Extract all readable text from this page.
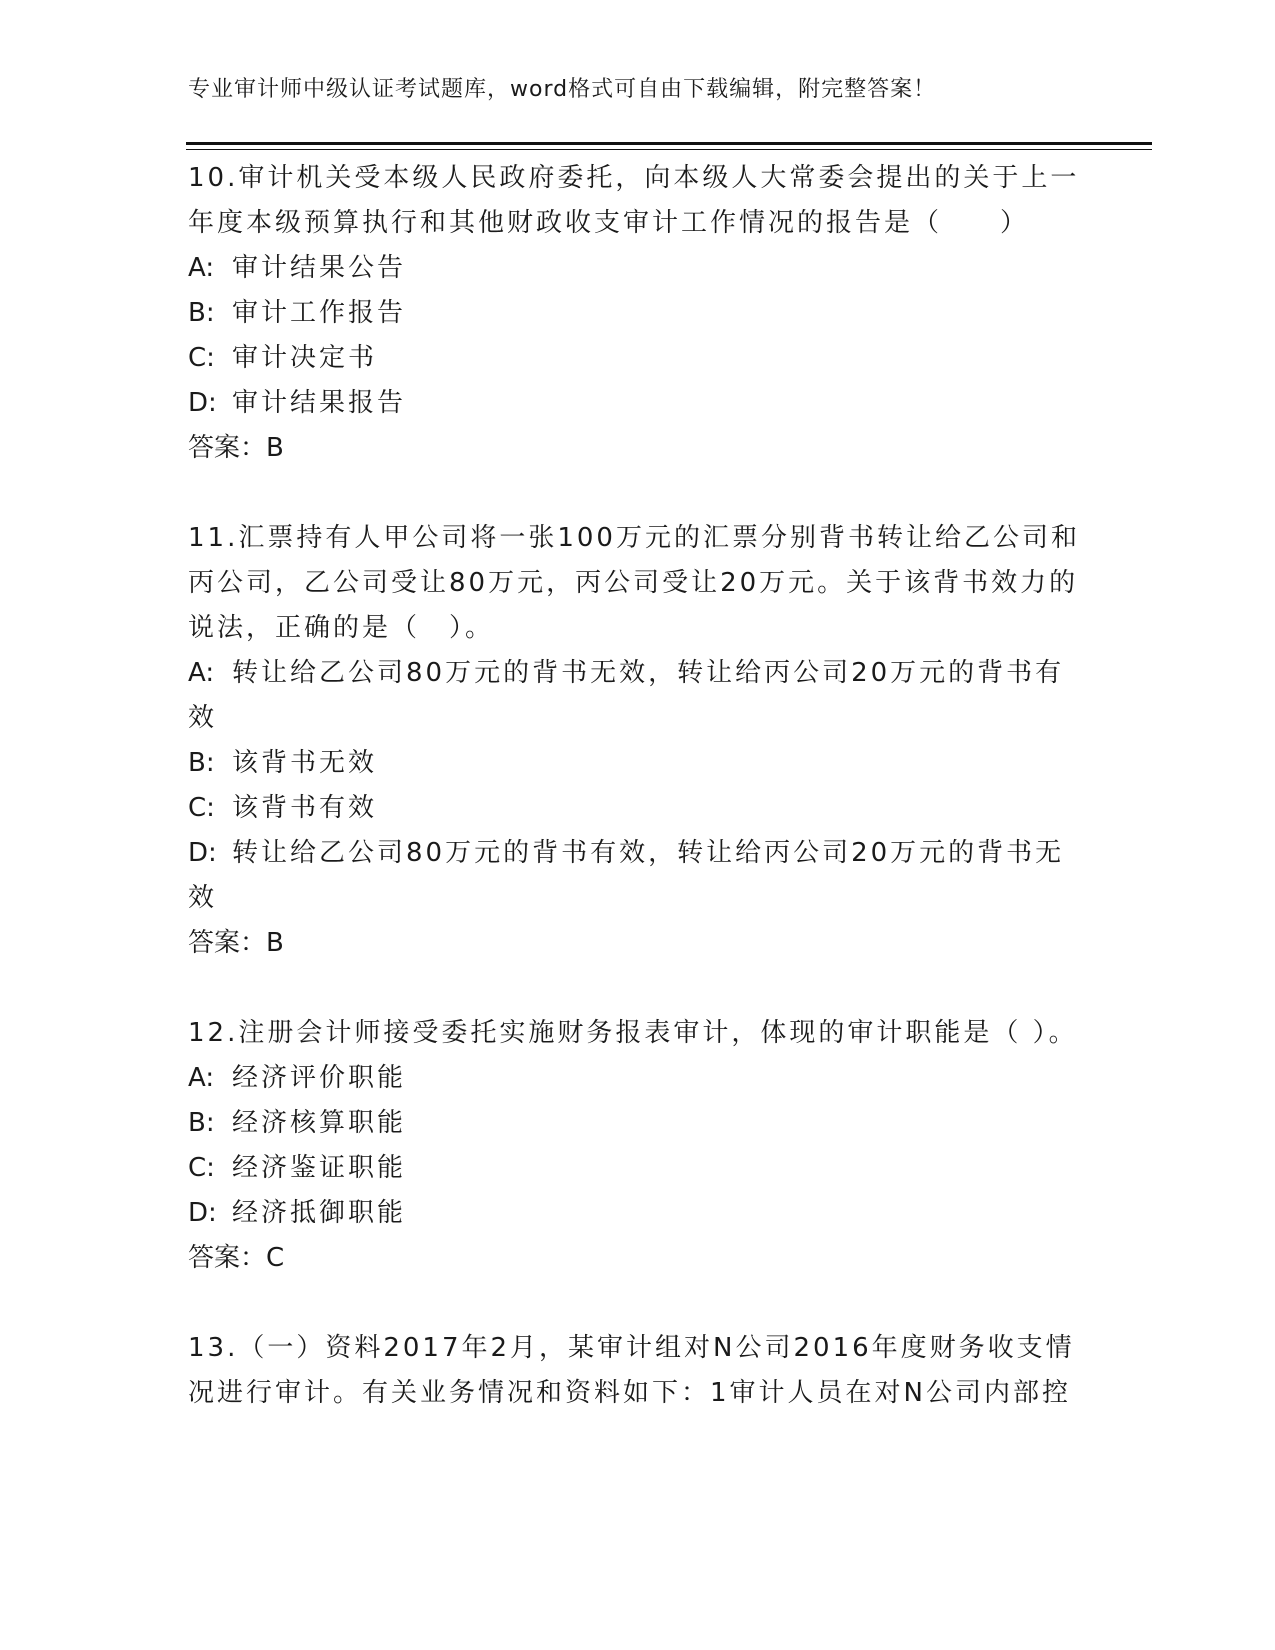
专业审计师中级认证考试题库，word格式可自由下载编辑，附完整答案！

10.审计机关受本级人民政府委托，向本级人大常委会提出的关于上一年度本级预算执行和其他财政收支审计工作情况的报告是（　　）

A: 审计结果公告

B: 审计工作报告

C: 审计决定书

D: 审计结果报告

答案：B

11.汇票持有人甲公司将一张100万元的汇票分别背书转让给乙公司和丙公司，乙公司受让80万元，丙公司受让20万元。关于该背书效力的说法，正确的是（　）。

A: 转让给乙公司80万元的背书无效，转让给丙公司20万元的背书有效

B: 该背书无效

C: 该背书有效

D: 转让给乙公司80万元的背书有效，转让给丙公司20万元的背书无效

答案：B

12.注册会计师接受委托实施财务报表审计，体现的审计职能是（ ）。

A: 经济评价职能

B: 经济核算职能

C: 经济鉴证职能

D: 经济抵御职能

答案：C

13.（一）资料2017年2月，某审计组对N公司2016年度财务收支情况进行审计。有关业务情况和资料如下：1审计人员在对N公司内部控
